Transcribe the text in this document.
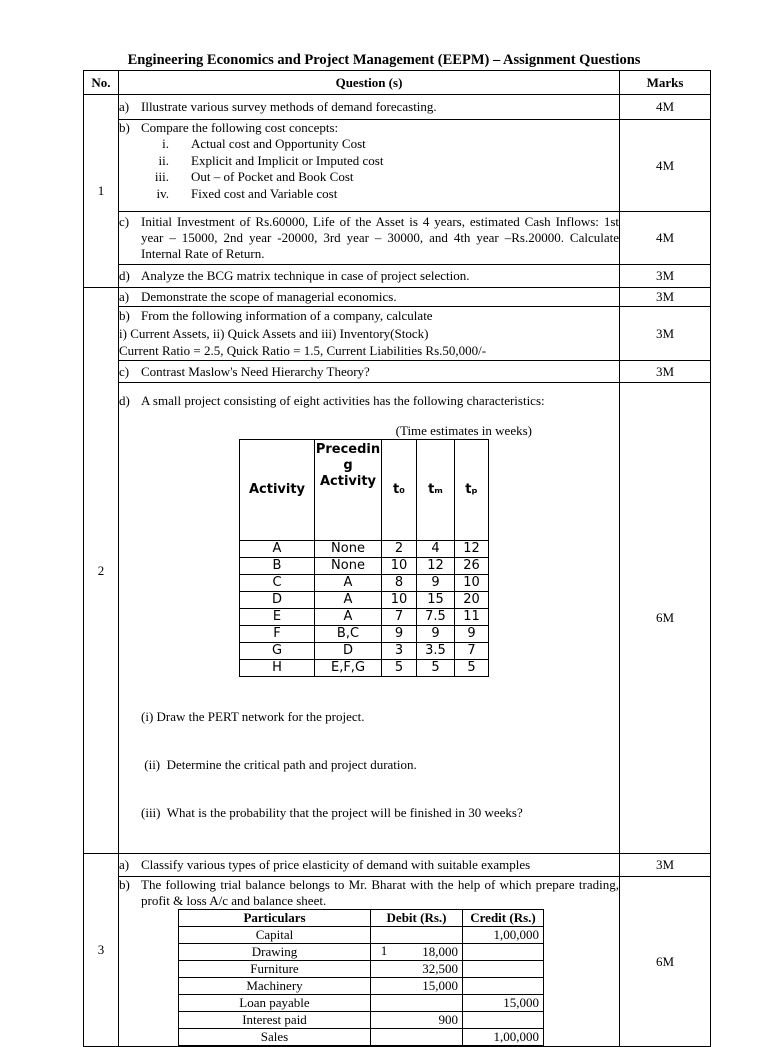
Engineering Economics and Project Management (EEPM) – Assignment Questions
No.	Question (s)	Marks
1	
a) Illustrate various survey methods of demand forecasting.	4M

b) Compare the following cost concepts:
i.	Actual cost and Opportunity Cost
ii.	Explicit and Implicit or Imputed cost
iii.	Out – of Pocket and Book Cost
iv.	Fixed cost and Variable cost
	4M

c) Initial Investment of Rs.60000, Life of the Asset is 4 years, estimated Cash Inflows: 1st year – 15000, 2nd year -20000, 3rd year – 30000, and 4th year –Rs.20000. Calculate Internal Rate of Return.
	4M

d) Analyze the BCG matrix technique in case of project selection.	3M
2	
a) Demonstrate the scope of managerial economics.	3M

b) From the following information of a company, calculate
i) Current Assets, ii) Quick Assets and iii) Inventory(Stock)
Current Ratio = 2.5, Quick Ratio = 1.5, Current Liabilities Rs.50,000/-
	3M

c) Contrast Maslow's Need Hierarchy Theory?	3M

d) A small project consisting of eight activities has the following characteristics:
(Time estimates in weeks)
Activity	Precedin g Activity	t₀	tₘ	tₚ
A	None	2	4	12
B	None	10	12	26
C	A	8	9	10
D	A	10	15	20
E	A	7	7.5	11
F	B,C	9	9	9
G	D	3	3.5	7
H	E,F,G	5	5	5

(i) Draw the PERT network for the project.

(ii)  Determine the critical path and project duration.

(iii)  What is the probability that the project will be finished in 30 weeks?

	6M
3	
a) Classify various types of price elasticity of demand with suitable examples	3M

b) The following trial balance belongs to Mr. Bharat with the help of which prepare trading, profit & loss A/c and balance sheet.
Particulars	Debit (Rs.)	Credit (Rs.)
Capital		1,00,000
Drawing	18,000	
Furniture	32,500	
Machinery	15,000	
Loan payable		15,000
Interest paid	900	
Sales		1,00,000
	6M
1
